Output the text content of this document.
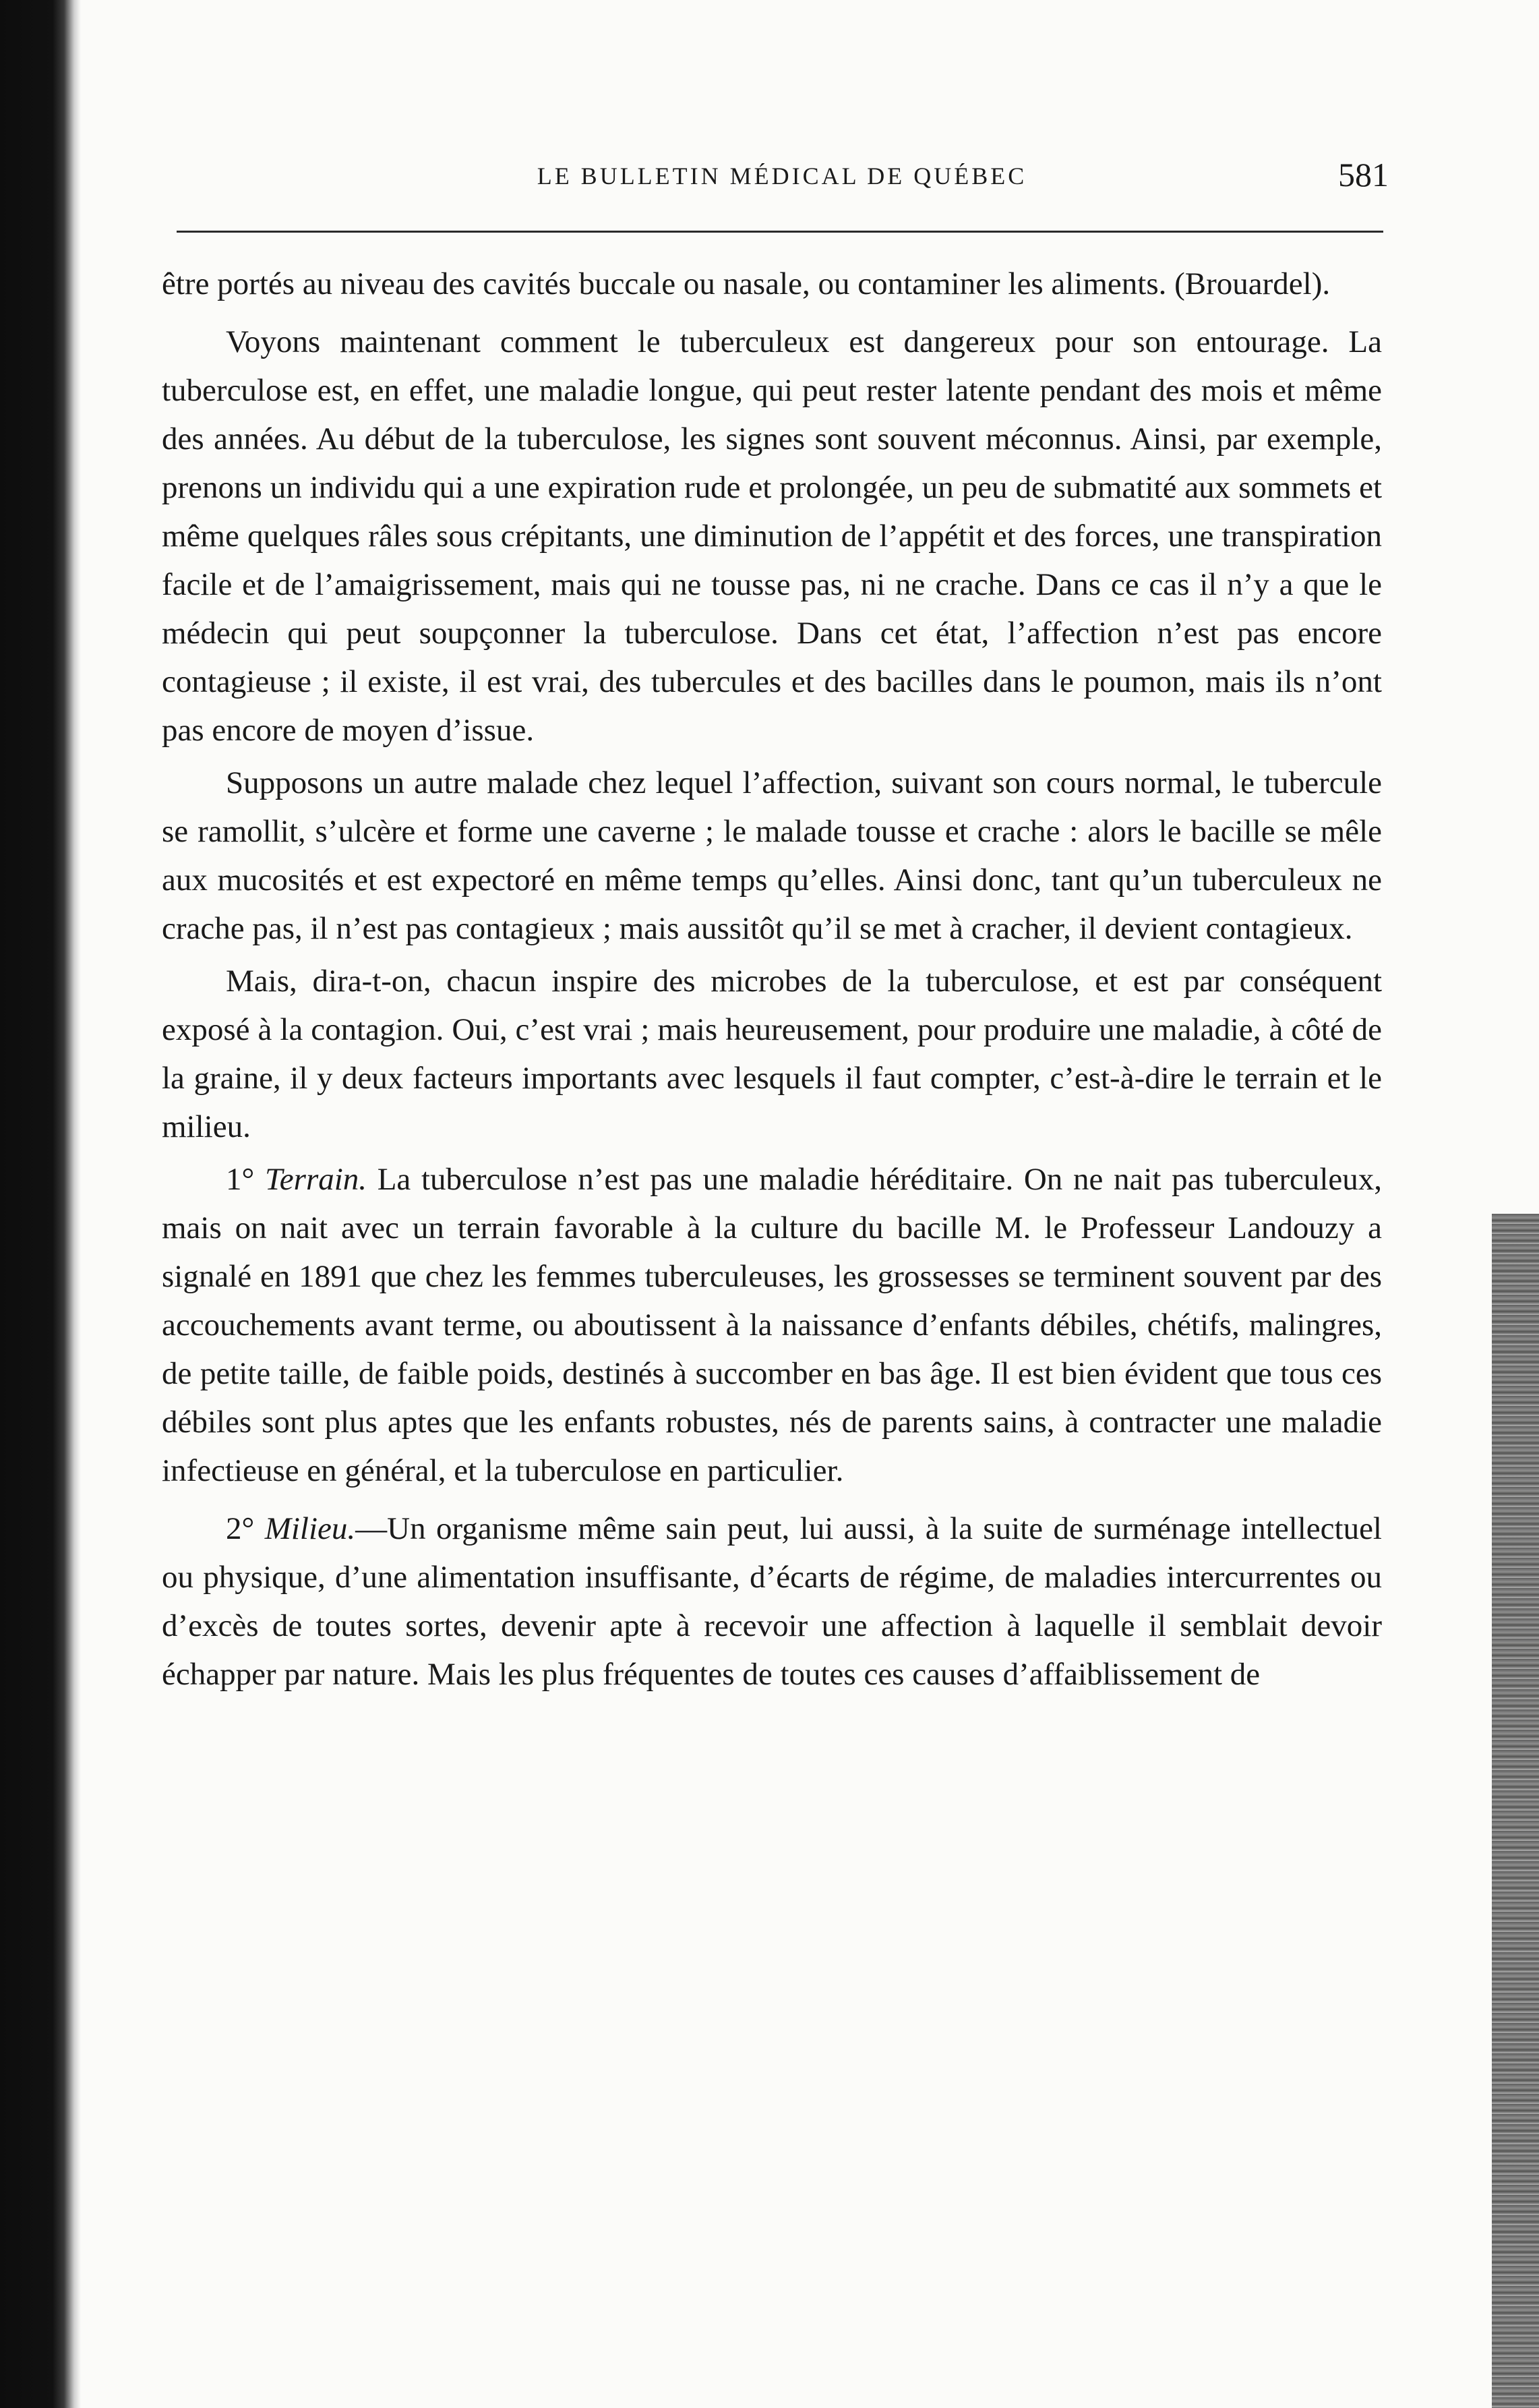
LE BULLETIN MÉDICAL DE QUÉBEC	581

être portés au niveau des cavités buccale ou nasale, ou contaminer les aliments. (Brouardel).

Voyons maintenant comment le tuberculeux est dangereux pour son entourage. La tuberculose est, en effet, une maladie longue, qui peut rester latente pendant des mois et même des années. Au début de la tuberculose, les signes sont souvent méconnus. Ainsi, par exemple, prenons un individu qui a une expiration rude et prolongée, un peu de submatité aux sommets et même quelques râles sous crépitants, une diminution de l’appétit et des forces, une transpiration facile et de l’amaigrissement, mais qui ne tousse pas, ni ne crache. Dans ce cas il n’y a que le médecin qui peut soupçonner la tuberculose. Dans cet état, l’affection n’est pas encore contagieuse ; il existe, il est vrai, des tubercules et des bacilles dans le poumon, mais ils n’ont pas encore de moyen d’issue.

Supposons un autre malade chez lequel l’affection, suivant son cours normal, le tubercule se ramollit, s’ulcère et forme une caverne ; le malade tousse et crache : alors le bacille se mêle aux mucosités et est expectoré en même temps qu’elles. Ainsi donc, tant qu’un tuberculeux ne crache pas, il n’est pas contagieux ; mais aussitôt qu’il se met à cracher, il devient contagieux.

Mais, dira-t-on, chacun inspire des microbes de la tuberculose, et est par conséquent exposé à la contagion. Oui, c’est vrai ; mais heureusement, pour produire une maladie, à côté de la graine, il y deux facteurs importants avec lesquels il faut compter, c’est-à-dire le terrain et le milieu.

1° Terrain. La tuberculose n’est pas une maladie héréditaire. On ne nait pas tuberculeux, mais on nait avec un terrain favorable à la culture du bacille M. le Professeur Landouzy a signalé en 1891 que chez les femmes tuberculeuses, les grossesses se terminent souvent par des accouchements avant terme, ou aboutissent à la naissance d’enfants débiles, chétifs, malingres, de petite taille, de faible poids, destinés à succomber en bas âge. Il est bien évident que tous ces débiles sont plus aptes que les enfants robustes, nés de parents sains, à contracter une maladie infectieuse en général, et la tuberculose en particulier.

2° Milieu.—Un organisme même sain peut, lui aussi, à la suite de surménage intellectuel ou physique, d’une alimentation insuffisante, d’écarts de régime, de maladies intercurrentes ou d’excès de toutes sortes, devenir apte à recevoir une affection à laquelle il semblait devoir échapper par nature. Mais les plus fréquentes de toutes ces causes d’affaiblissement de
